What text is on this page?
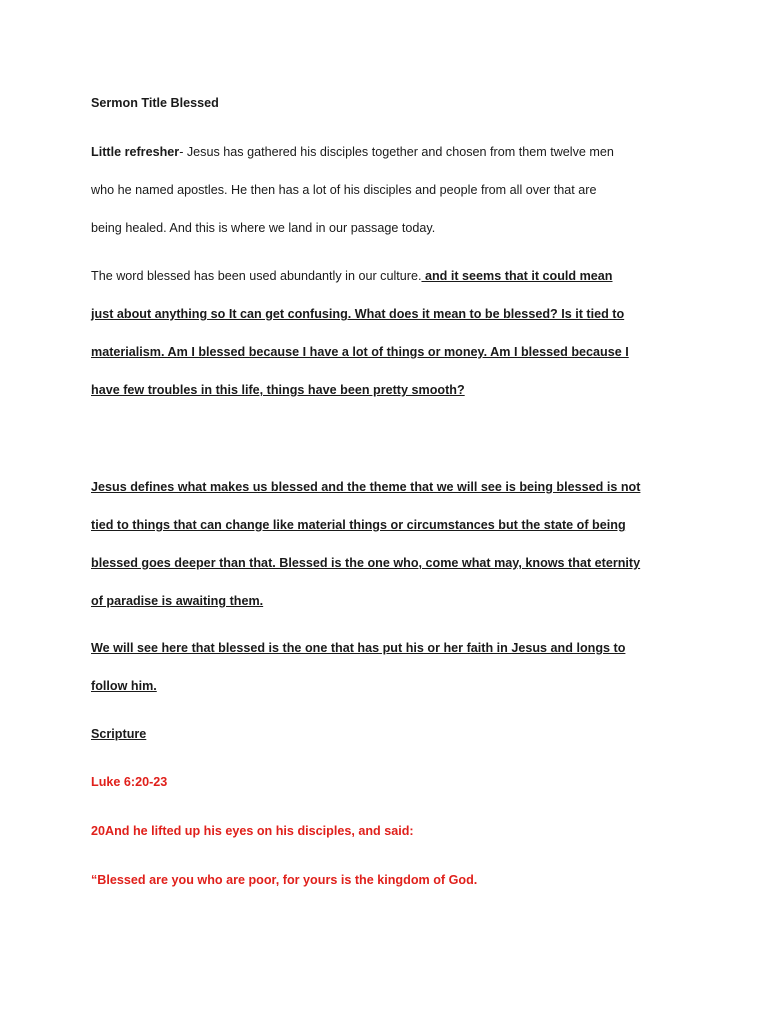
Sermon Title Blessed

Little refresher- Jesus has gathered his disciples together and chosen from them twelve men

who he named apostles. He then has a lot of his disciples and people from all over that are

being healed. And this is where we land in our passage today.

The word blessed has been used abundantly in our culture. and it seems that it could mean

just about anything so It can get confusing. What does it mean to be blessed? Is it tied to

materialism. Am I blessed because I have a lot of things or money. Am I blessed because I

have few troubles in this life, things have been pretty smooth?

Jesus defines what makes us blessed and the theme that we will see is being blessed is not

tied to things that can change like material things or circumstances but the state of being

blessed goes deeper than that. Blessed is the one who, come what may, knows that eternity

of paradise is awaiting them.

We will see here that blessed is the one that has put his or her faith in Jesus and longs to

follow him.

Scripture

Luke 6:20-23

20And he lifted up his eyes on his disciples, and said:

“Blessed are you who are poor, for yours is the kingdom of God.
